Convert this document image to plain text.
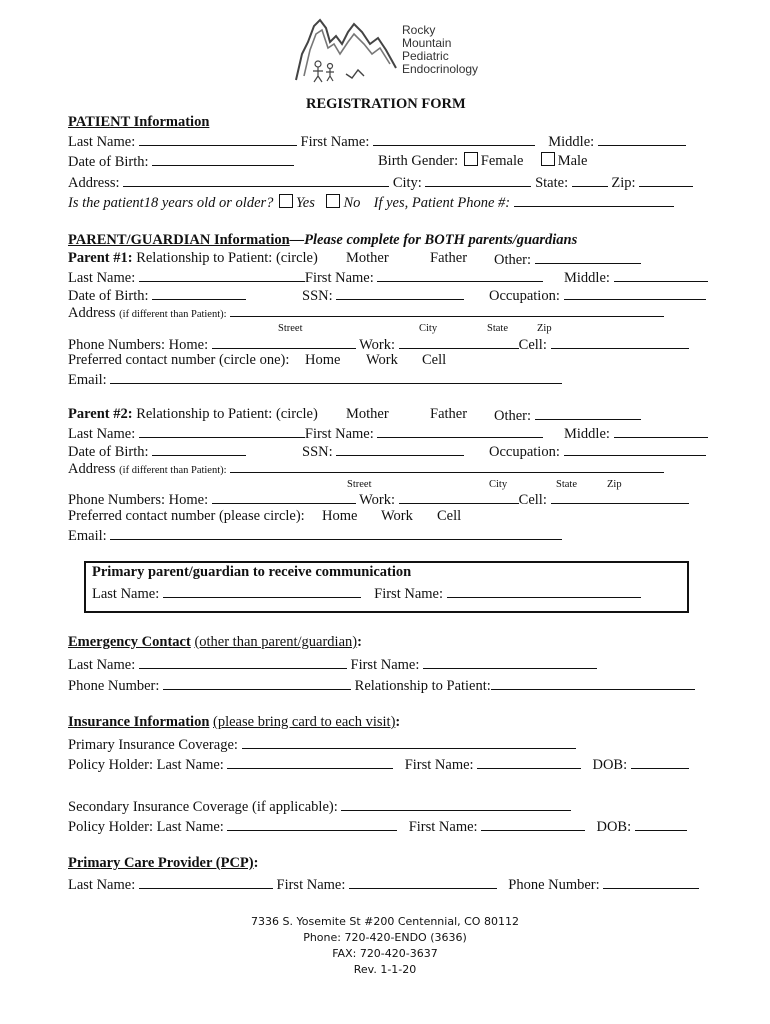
Rocky
Mountain
Pediatric
Endocrinology
REGISTRATION FORM
PATIENT Information
Last Name:	First Name:	Middle:
Date of Birth:	Birth Gender: Female Male
Address:	City:	State:	Zip:
Is the patient18 years old or older? Yes No If yes, Patient Phone #:
PARENT/GUARDIAN Information—Please complete for BOTH parents/guardians
Parent #1: Relationship to Patient: (circle) Mother	Father Other:
Last Name:	First Name:	Middle:
Date of Birth:	SSN:	Occupation:
Address (if different than Patient):
Street	City	State	Zip
Phone Numbers: Home:	Work:	Cell:
Preferred contact number (circle one): Home Work Cell
Email:
Parent #2: Relationship to Patient: (circle) Mother	Father Other:
Last Name:	First Name:	Middle:
Date of Birth:	SSN:	Occupation:
Address (if different than Patient):
Street	City	State	Zip
Phone Numbers: Home:	Work:	Cell:
Preferred contact number (please circle): Home Work Cell
Email:
Primary parent/guardian to receive communication
Last Name:	First Name:
Emergency Contact (other than parent/guardian):
Last Name:	First Name:
Phone Number:	Relationship to Patient:
Insurance Information (please bring card to each visit):
Primary Insurance Coverage:
Policy Holder: Last Name:	First Name:	DOB:
Secondary Insurance Coverage (if applicable):
Policy Holder: Last Name:	First Name:	DOB:
Primary Care Provider (PCP):
Last Name:	First Name:	Phone Number:
7336 S. Yosemite St #200 Centennial, CO 80112
Phone: 720-420-ENDO (3636)
FAX: 720-420-3637
Rev. 1-1-20
